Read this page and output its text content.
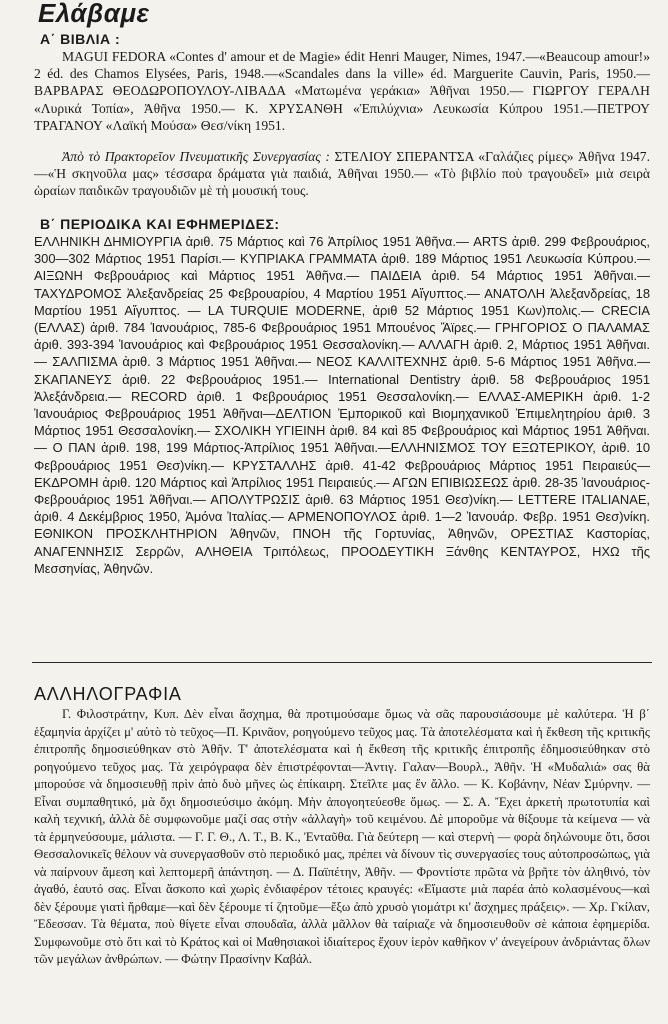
Ελάβαμε
Α΄ ΒΙΒΛΙΑ :

MAGUI FEDORA «Contes d' amour et de Magie» édit Henri Mauger, Nimes, 1947.—«Beaucoup amour!» 2 éd. des Chamos Elysées, Paris, 1948.—«Scandales dans la ville» éd. Marguerite Cauvin, Paris, 1950.— ΒΑΡΒΑΡΑΣ ΘΕΟΔΩΡΟΠΟΥΛΟΥ-ΛΙΒΑΔΑ «Ματωμένα γεράκια» Ἀθῆναι 1950.— ΓΙΩΡΓΟΥ ΓΕΡΑΛΗ «Λυρικά Τοπία», Ἀθῆνα 1950.— Κ. ΧΡΥΣΑΝΘΗ «Ἐπιλύχνια» Λευκωσία Κύπρου 1951.—ΠΕΤΡΟΥ ΤΡΑΓΑΝΟΥ «Λαϊκή Μούσα» Θεσ/νίκη 1951.

Ἀπὸ τὸ Πρακτορεῖον Πνευματικῆς Συνεργασίας : ΣΤΕΛΙΟΥ ΣΠΕΡΑΝΤΣΑ «Γαλάζιες ρίμες» Ἀθῆνα 1947.—«Ἡ σκηνοῦλα μας» τέσσαρα δράματα γιὰ παιδιά, Ἀθῆναι 1950.— «Τὸ βιβλίο ποὺ τραγουδεῖ» μιὰ σειρὰ ὡραίων παιδικῶν τραγουδιῶν μὲ τὴ μουσική τους.

Β΄ ΠΕΡΙΟΔΙΚΑ ΚΑΙ ΕΦΗΜΕΡΙΔΕΣ:

ΕΛΛΗΝΙΚΗ ΔΗΜΙΟΥΡΓΙΑ ἀριθ. 75 Μάρτιος καὶ 76 Ἀπρίλιος 1951 Ἀθῆνα.— ARTS ἀριθ. 299 Φεβρουάριος, 300—302 Μάρτιος 1951 Παρίσι.— ΚΥΠΡΙΑΚΑ ΓΡΑΜΜΑΤΑ ἀριθ. 189 Μάρτιος 1951 Λευκωσία Κύπρου.— ΑΙΞΩΝΗ Φεβρουάριος καὶ Μάρτιος 1951 Ἀθῆνα.— ΠΑΙΔΕΙΑ ἀριθ. 54 Μάρτιος 1951 Ἀθῆναι.— ΤΑΧΥΔΡΟΜΟΣ Ἀλεξανδρείας 25 Φεβρουαρίου, 4 Μαρτίου 1951 Αἴγυπτος.— ΑΝΑΤΟΛΗ Ἀλεξανδρείας, 18 Μαρτίου 1951 Αἴγυπτος. — LA TURQUIE MODERNE, ἀριθ 52 Μάρτιος 1951 Κων)πολις.— CRECIA (ΕΛΛΑΣ) ἀριθ. 784 Ἰανουάριος, 785-6 Φεβρουάριος 1951 Μπουένος Ἄϊρες.— ΓΡΗΓΟΡΙΟΣ Ο ΠΑΛΑΜΑΣ ἀριθ. 393-394 Ἰανουάριος καὶ Φεβρουάριος 1951 Θεσσαλονίκη.— ΑΛΛΑΓΗ ἀριθ. 2, Μάρτιος 1951 Ἀθῆναι.— ΣΑΛΠΙΣΜΑ ἀριθ. 3 Μάρτιος 1951 Ἀθῆναι.— ΝΕΟΣ ΚΑΛΛΙΤΕΧΝΗΣ ἀριθ. 5-6 Μάρτιος 1951 Ἀθῆνα.— ΣΚΑΠΑΝΕΥΣ ἀριθ. 22 Φεβρουάριος 1951.— International Dentistry ἀριθ. 58 Φεβρουάριος 1951 Ἀλεξάνδρεια.— RECORD ἀριθ. 1 Φεβρουάριος 1951 Θεσσαλονίκη.— ΕΛΛΑΣ-ΑΜΕΡΙΚΗ ἀριθ. 1-2 Ἰανουάριος Φεβρουάριος 1951 Ἀθῆναι—ΔΕΛΤΙΟΝ Ἐμπορικοῦ καὶ Βιομηχανικοῦ Ἐπιμελητηρίου ἀριθ. 3 Μάρτιος 1951 Θεσσαλονίκη.— ΣΧΟΛΙΚΗ ΥΓΙΕΙΝΗ ἀριθ. 84 καὶ 85 Φεβρουάριος καὶ Μάρτιος 1951 Ἀθῆναι.— Ο ΠΑΝ ἀριθ. 198, 199 Μάρτιος-Ἀπρίλιος 1951 Ἀθῆναι.—ΕΛΛΗΝΙΣΜΟΣ ΤΟΥ ΕΞΩΤΕΡΙΚΟΥ, ἀριθ. 10 Φεβρουάριος 1951 Θεσ)νίκη.— ΚΡΥΣΤΑΛΛΗΣ ἀριθ. 41-42 Φεβρουάριος Μάρτιος 1951 Πειραιεύς— ΕΚΔΡΟΜΗ ἀριθ. 120 Μάρτιος καὶ Ἀπρίλιος 1951 Πειραιεύς.— ΑΓΩΝ ΕΠΙΒΙΩΣΕΩΣ ἀριθ. 28-35 Ἰανουάριος-Φεβρουάριος 1951 Ἀθῆναι.— ΑΠΟΛΥΤΡΩΣΙΣ ἀριθ. 63 Μάρτιος 1951 Θεσ)νίκη.— LETTERE ITALIANAE, ἀριθ. 4 Δεκέμβριος 1950, Ἀμόνα Ἰταλίας.— ΑΡΜΕΝΟΠΟΥΛΟΣ ἀριθ. 1—2 Ἰανουάρ. Φεβρ. 1951 Θεσ)νίκη. ΕΘΝΙΚΟΝ ΠΡΟΣΚΛΗΤΗΡΙΟΝ Ἀθηνῶν, ΠΝΟΗ τῆς Γορτυνίας, Ἀθηνῶν, ΟΡΕΣΤΙΑΣ Καστορίας, ΑΝΑΓΕΝΝΗΣΙΣ Σερρῶν, ΑΛΗΘΕΙΑ Τριπόλεως, ΠΡΟΟΔΕΥΤΙΚΗ Ξάνθης ΚΕΝΤΑΥΡΟΣ, ΗΧΩ τῆς Μεσσηνίας, Ἀθηνῶν.

ΑΛΛΗΛΟΓΡΑΦΙΑ

Γ. Φιλοστράτην, Κυπ. Δὲν εἶναι ἄσχημα, θὰ προτιμούσαμε ὅμως νὰ σᾶς παρουσιάσουμε μὲ καλύτερα. Ἡ β΄ ἑξαμηνία ἀρχίζει μ' αὐτὸ τὸ τεῦχος—Π. Κρινᾶον, ροηγούμενο τεῦχος μας. Τὰ ἀποτελέσματα καὶ ἡ ἔκθεση τῆς κριτικῆς ἐπιτροπῆς δημοσιεύθηκαν στὸ Ἀθῆν. Τ' ἀποτελέσματα καὶ ἡ ἔκθεση τῆς κριτικῆς ἐπιτροπῆς ἐδημοσιεύθηκαν στὸ ροηγούμενο τεῦχος μας. Τὰ χειρόγραφα δὲν ἐπιστρέφονται—Ἀντιγ. Γαλαν—Βουρλ., Ἀθῆν. Ἡ «Μυδαλιά» σας θὰ μπορούσε νὰ δημοσιευθῇ πρὶν ἀπὸ δυὸ μῆνες ὡς ἐπίκαιρη. Στεῖλτε μας ἕν ἄλλο. — Κ. Κοβάνην, Νέαν Σμύρνην. — Εἶναι συμπαθητικό, μὰ ὄχι δημοσιεύσιμο ἀκόμη. Μὴν ἀπογοητεύεσθε ὅμως. — Σ. Α. Ἔχει ἀρκετὴ πρωτοτυπία καὶ καλὴ τεχνική, ἀλλὰ δὲ συμφωνοῦμε μαζί σας στὴν «ἀλλαγὴ» τοῦ κειμένου. Δὲ μποροῦμε νὰ θίξουμε τὰ κείμενα — νὰ τὰ ἑρμηνεύσουμε, μάλιστα. — Γ. Γ. Θ., Λ. Τ., Β. Κ., Ἐνταῦθα. Γιὰ δεύτερη — καὶ στερνὴ — φορὰ δηλώνουμε ὅτι, ὅσοι Θεσσαλονικεῖς θέλουν νὰ συνεργασθοῦν στὸ περιοδικό μας, πρέπει νὰ δίνουν τὶς συνεργασίες τους αὐτοπροσώπως, γιὰ νὰ παίρνουν ἄμεση καὶ λεπτομερῆ ἀπάντηση. — Δ. Παϊπέτην, Ἀθῆν. — Φροντίστε πρῶτα νὰ βρῆτε τὸν ἀληθινό, τὸν ἀγαθό, ἑαυτό σας. Εἶναι ἄσκοπο καὶ χωρὶς ἐνδιαφέρον τέτοιες κραυγές: «Εἴμαστε μιὰ παρέα ἀπὸ κολασμένους—καὶ δὲν ξέρουμε γιατὶ ἤρθαμε—καὶ δὲν ξέρουμε τί ζητοῦμε—ἔξω ἀπὸ χρυσὸ γιομάτρι κι' ἄσχημες πράξεις». — Χρ. Γκίλαν, Ἔδεσσαν. Τὰ θέματα, ποὺ θίγετε εἶναι σπουδαῖα, ἀλλὰ μᾶλλον θὰ ταίριαζε νὰ δημοσιευθοῦν σὲ κάποια ἐφημερίδα. Συμφωνοῦμε στὸ ὅτι καὶ τὸ Κράτος καὶ οἱ Μαθησιακοὶ ἰδιαίτερος ἔχουν ἱερὸν καθῆκον ν' ἀνεγείρουν ἀνδριάντας ὅλων τῶν μεγάλων ἀνθρώπων. — Φώτην Πρασίνην Καβάλ.
